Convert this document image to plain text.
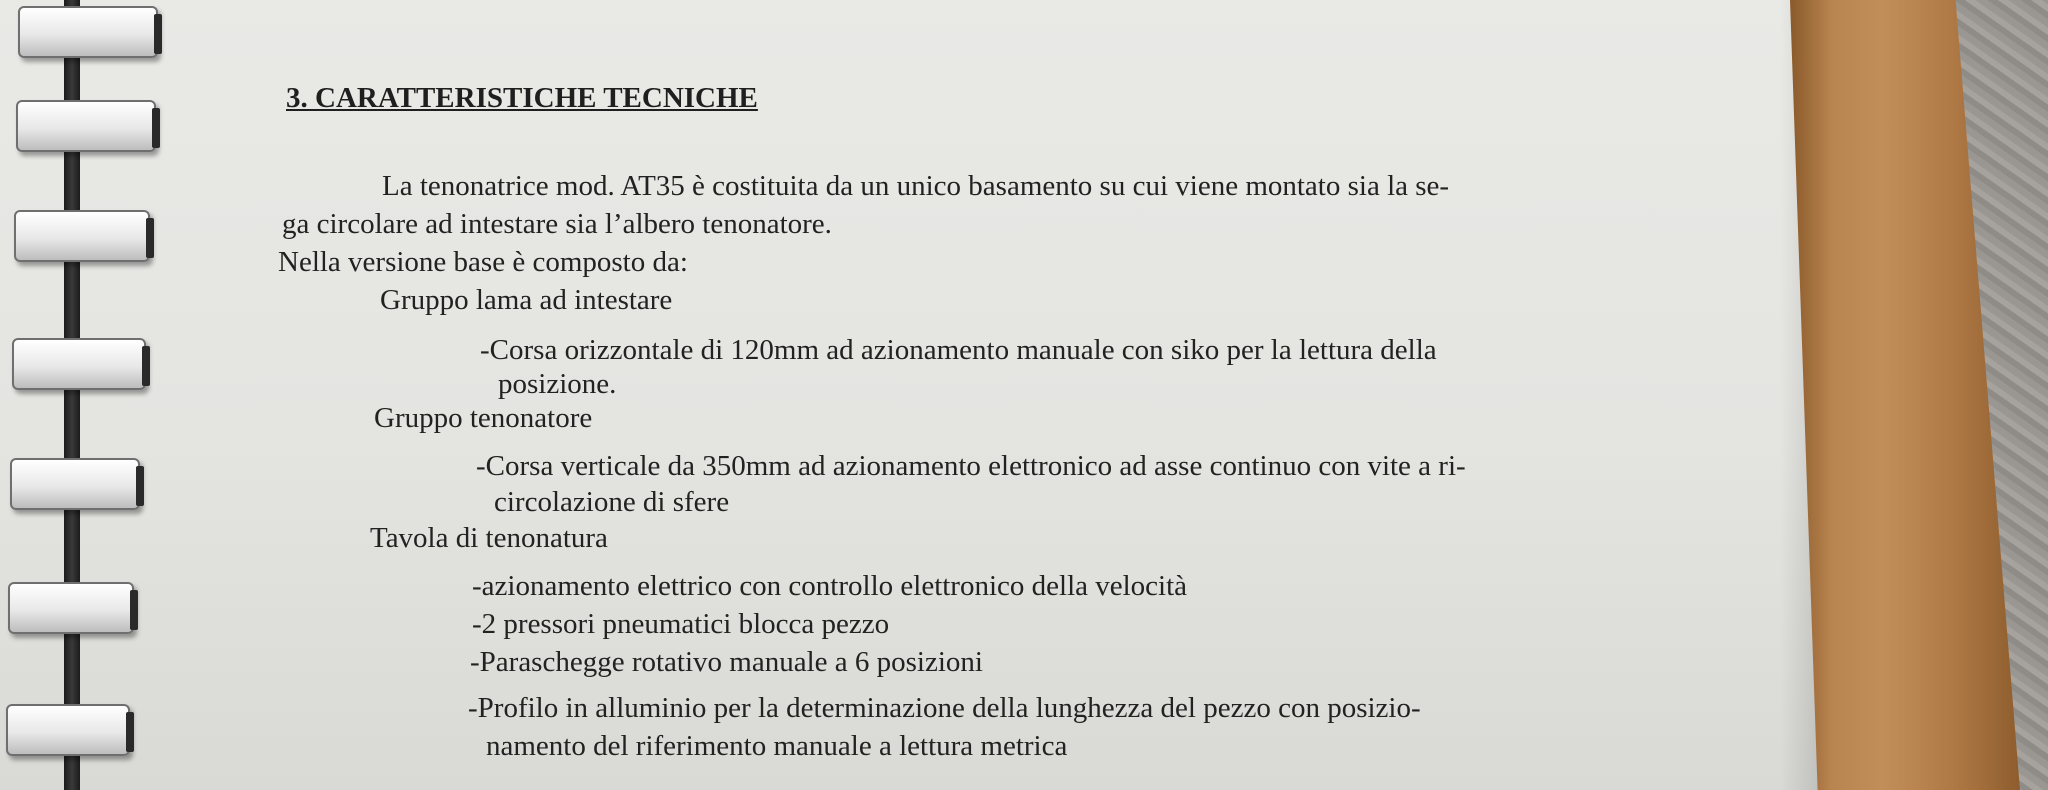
3. CARATTERISTICHE TECNICHE

La tenonatrice mod. AT35 è costituita da un unico basamento su cui viene montato sia la se-

ga circolare ad intestare sia l’albero tenonatore.

Nella versione base è composto da:

Gruppo lama ad intestare

-Corsa orizzontale di 120mm ad azionamento manuale con siko per la lettura della

posizione.

Gruppo tenonatore

-Corsa verticale da 350mm ad azionamento elettronico ad asse continuo con vite a ri-

circolazione di sfere

Tavola di tenonatura

-azionamento elettrico con controllo elettronico della velocità

-2 pressori pneumatici blocca pezzo

-Paraschegge rotativo manuale a 6 posizioni

-Profilo in alluminio per la determinazione della lunghezza del pezzo con posizio-

namento del riferimento manuale a lettura metrica
